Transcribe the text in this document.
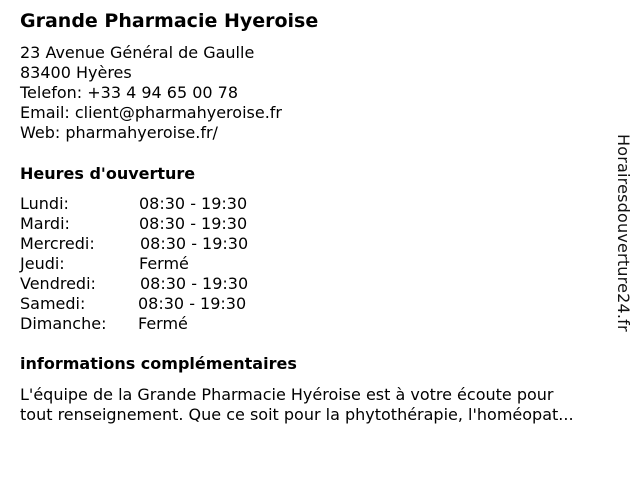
Grande Pharmacie Hyeroise
23 Avenue Général de Gaulle
83400 Hyères
Telefon: +33 4 94 65 00 78
Email: client@pharmahyeroise.fr
Web: pharmahyeroise.fr/
Heures d'ouverture
Lundi:	08:30 - 19:30
Mardi:	08:30 - 19:30
Mercredi:	08:30 - 19:30
Jeudi:	Fermé
Vendredi:	08:30 - 19:30
Samedi:	08:30 - 19:30
Dimanche: Fermé
informations complémentaires
L'équipe de la Grande Pharmacie Hyéroise est à votre écoute pour
tout renseignement. Que ce soit pour la phytothérapie, l'homéopat...
Horairesdouverture24.fr
